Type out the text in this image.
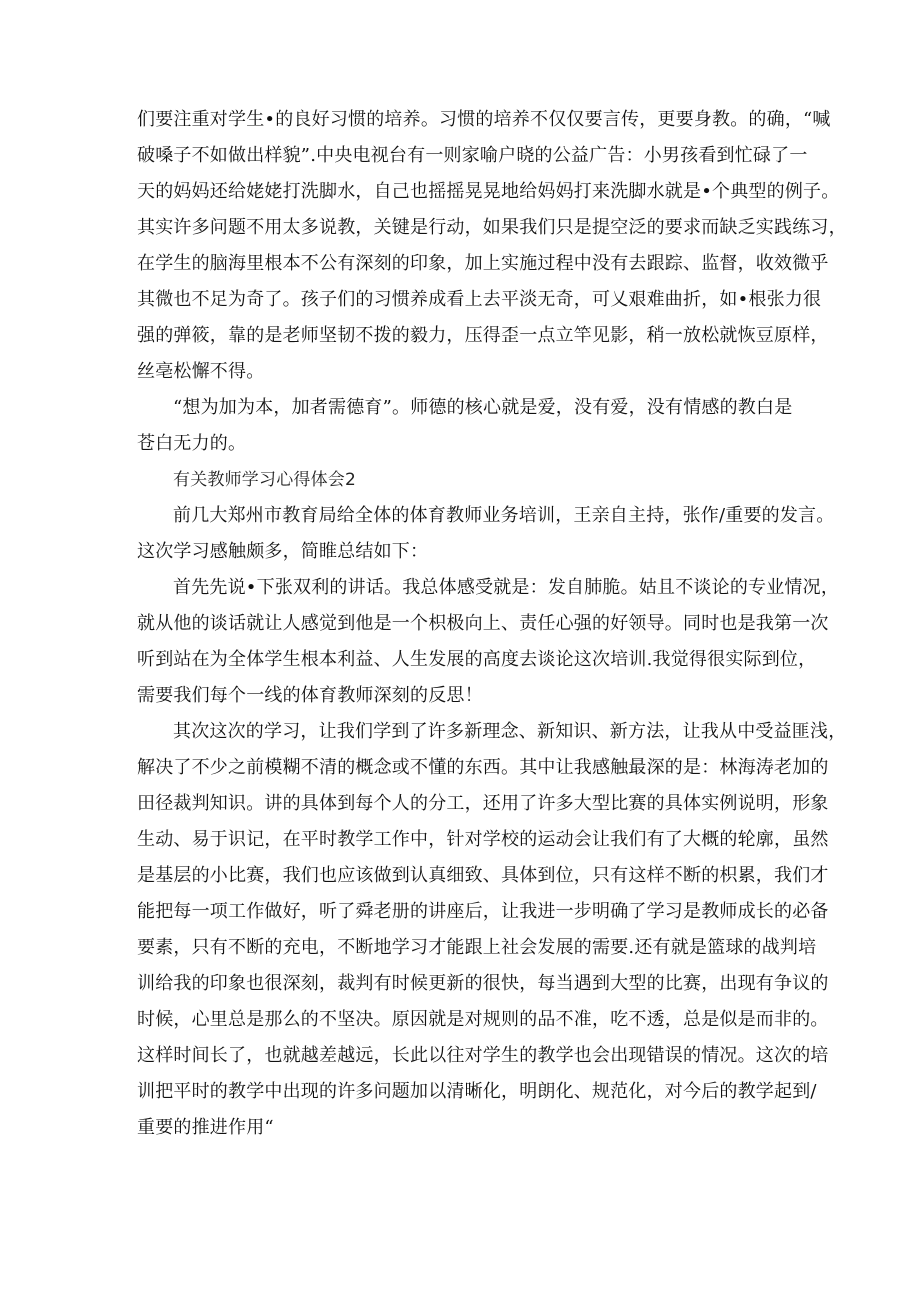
们要注重对学生•的良好习惯的培养。习惯的培养不仅仅要言传，更要身教。的确，“喊
破嗓子不如做出样貌”.中央电视台有一则家喻户晓的公益广告：小男孩看到忙碌了一
天的妈妈还给姥姥打洗脚水，自己也摇摇晃晃地给妈妈打来洗脚水就是•个典型的例子。
其实许多问题不用太多说教，关键是行动，如果我们只是提空泛的要求而缺乏实践练习，
在学生的脑海里根本不公有深刻的印象，加上实施过程中没有去跟踪、监督，收效微乎
其微也不足为奇了。孩子们的习惯养成看上去平淡无奇，可乂艰难曲折，如•根张力很
强的弹筱，靠的是老师坚韧不拨的毅力，压得歪一点立竿见影，稍一放松就恢豆原样，
丝亳松懈不得。
“想为加为本，加者需德育”。师德的核心就是爱，没有爱，没有情感的教白是
苍白无力的。
有关教师学习心得体会2
前几大郑州市教育局给全体的体育教师业务培训，王亲自主持，张作/重要的发言。
这次学习感触颇多，简睢总结如下：
首先先说•下张双利的讲话。我总体感受就是：发自肺脆。姑且不谈论的专业情况，
就从他的谈话就让人感觉到他是一个枳极向上、责任心强的好领导。同时也是我第一次
听到站在为全体学生根本利益、人生发展的高度去谈论这次培训.我觉得很实际到位，
需要我们每个一线的体育教师深刻的反思！
其次这次的学习，让我们学到了许多新理念、新知识、新方法，让我从中受益匪浅，
解决了不少之前模糊不清的概念或不懂的东西。其中让我感触最深的是：林海涛老加的
田径裁判知识。讲的具体到每个人的分工，还用了许多大型比赛的具体实例说明，形象
生动、易于识记，在平时教学工作中，针对学校的运动会让我们有了大概的轮廓，虽然
是基层的小比赛，我们也应该做到认真细致、具体到位，只有这样不断的枳累，我们才
能把每一项工作做好，听了舜老册的讲座后，让我进一步明确了学习是教师成长的必备
要素，只有不断的充电，不断地学习才能跟上社会发展的需要.还有就是篮球的战判培
训给我的印象也很深刻，裁判有时候更新的很快，每当遇到大型的比赛，出现有争议的
时候，心里总是那么的不坚决。原因就是对规则的品不准，吃不透，总是似是而非的。
这样时间长了，也就越差越远，长此以往对学生的教学也会出现错误的情况。这次的培
训把平时的教学中出现的许多问题加以清晰化，明朗化、规范化，对今后的教学起到/
重要的推进作用“
